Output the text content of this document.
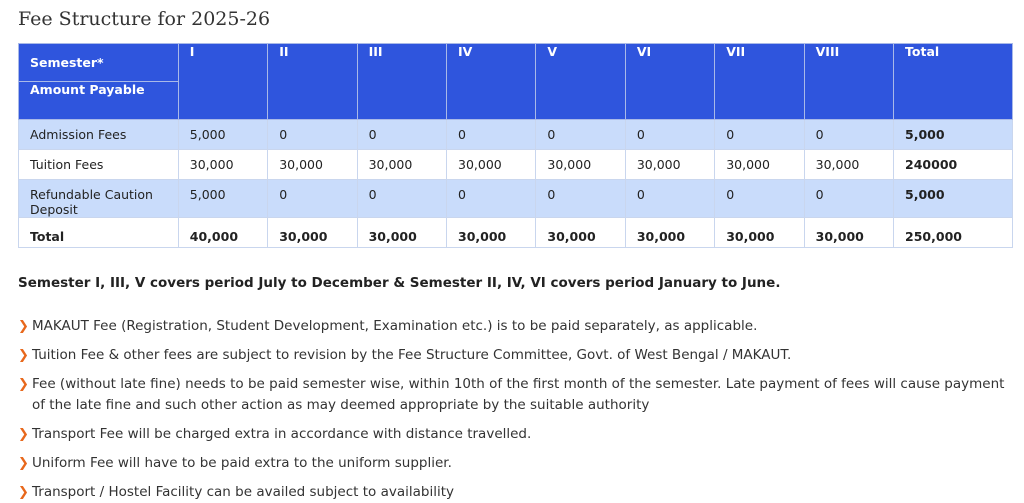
Fee Structure for 2025-26
Semester*	I	II	III	IV	V	VI	VII	VIII	Total
Amount Payable									
Admission Fees	5,000	0	0	0	0	0	0	0	5,000
Tuition Fees	30,000	30,000	30,000	30,000	30,000	30,000	30,000	30,000	240000
Refundable Caution Deposit	5,000	0	0	0	0	0	0	0	5,000
Total	40,000	30,000	30,000	30,000	30,000	30,000	30,000	30,000	250,000

Semester I, III, V covers period July to December & Semester II, IV, VI covers period January to June.

❯ MAKAUT Fee (Registration, Student Development, Examination etc.) is to be paid separately, as applicable.
❯ Tuition Fee & other fees are subject to revision by the Fee Structure Committee, Govt. of West Bengal / MAKAUT.
❯ Fee (without late fine) needs to be paid semester wise, within 10th of the first month of the semester. Late payment of fees will cause payment of the late fine and such other action as may deemed appropriate by the suitable authority
❯ Transport Fee will be charged extra in accordance with distance travelled.
❯ Uniform Fee will have to be paid extra to the uniform supplier.
❯ Transport / Hostel Facility can be availed subject to availability
